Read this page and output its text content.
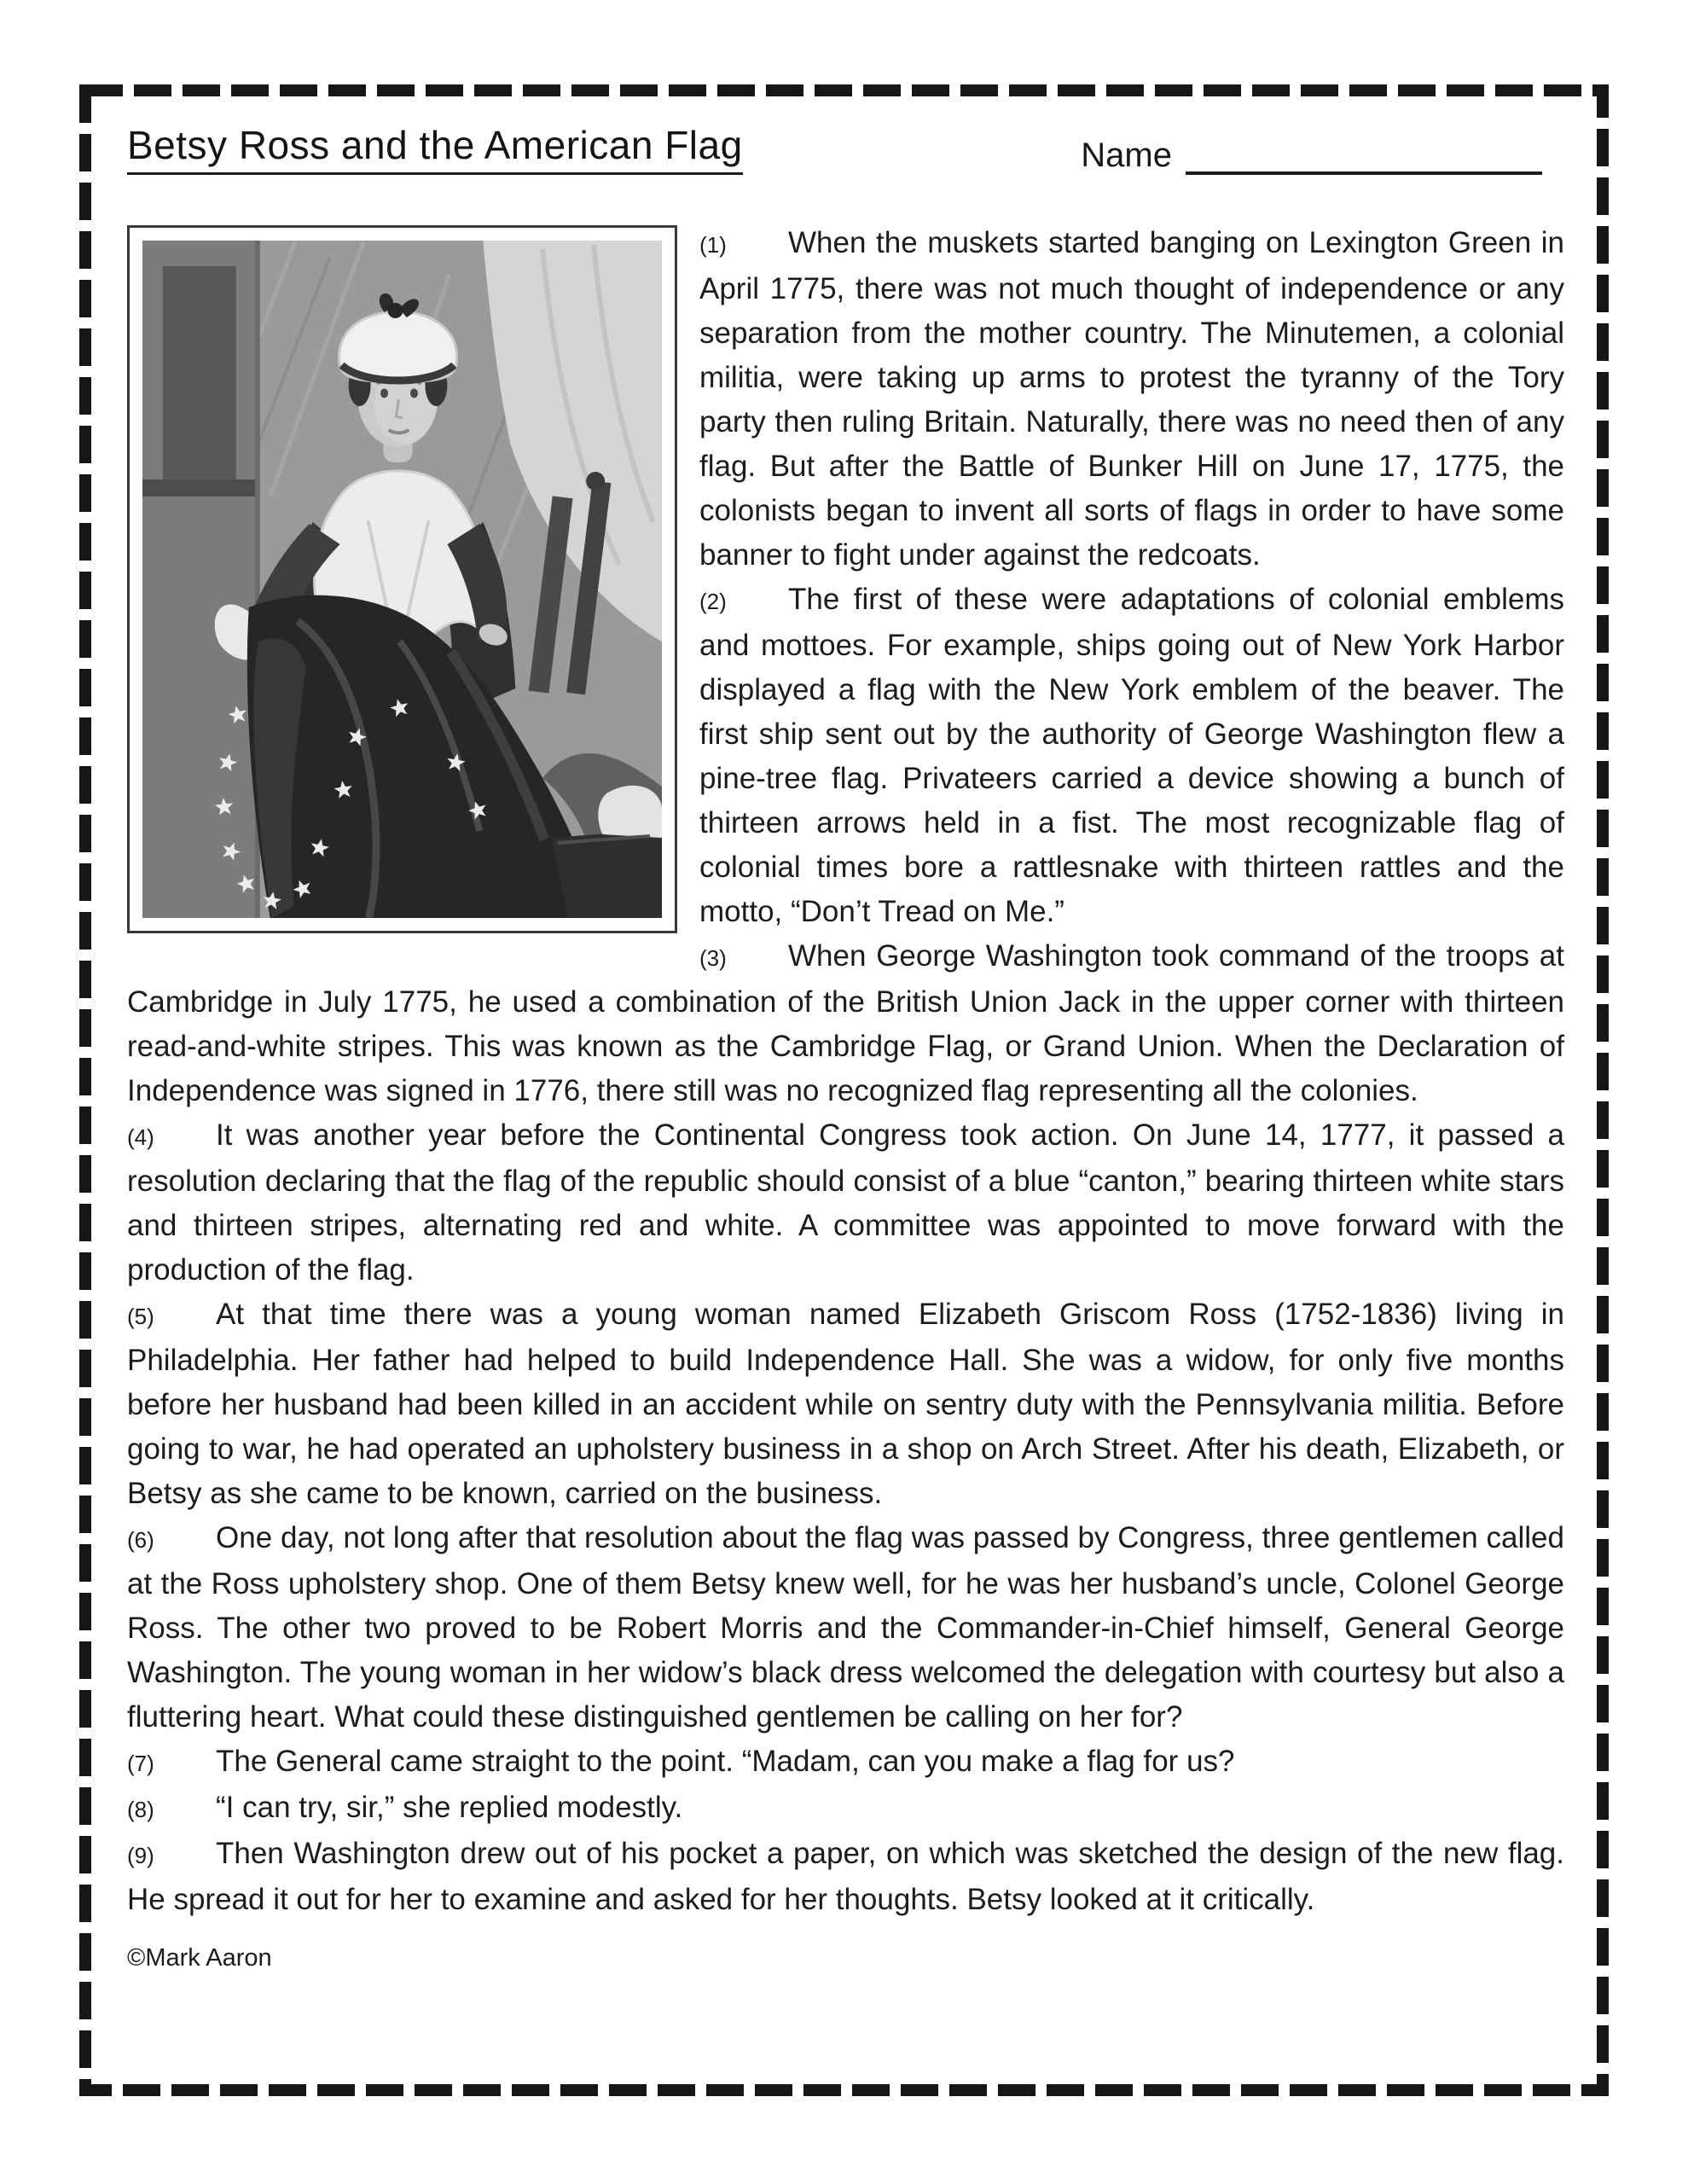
Betsy Ross and the American Flag	Name

(1) When the muskets started banging on Lexington Green in April 1775, there was not much thought of independence or any separation from the mother country. The Minutemen, a colonial militia, were taking up arms to protest the tyranny of the Tory party then ruling Britain. Naturally, there was no need then of any flag. But after the Battle of Bunker Hill on June 17, 1775, the colonists began to invent all sorts of flags in order to have some banner to fight under against the redcoats.

(2) The first of these were adaptations of colonial emblems and mottoes. For example, ships going out of New York Harbor displayed a flag with the New York emblem of the beaver. The first ship sent out by the authority of George Washington flew a pine-tree flag. Privateers carried a device showing a bunch of thirteen arrows held in a fist. The most recognizable flag of colonial times bore a rattlesnake with thirteen rattles and the motto, “Don’t Tread on Me.”

(3) When George Washington took command of the troops at Cambridge in July 1775, he used a combination of the British Union Jack in the upper corner with thirteen read-and-white stripes. This was known as the Cambridge Flag, or Grand Union. When the Declaration of Independence was signed in 1776, there still was no recognized flag representing all the colonies.

(4) It was another year before the Continental Congress took action. On June 14, 1777, it passed a resolution declaring that the flag of the republic should consist of a blue “canton,” bearing thirteen white stars and thirteen stripes, alternating red and white. A committee was appointed to move forward with the production of the flag.

(5) At that time there was a young woman named Elizabeth Griscom Ross (1752-1836) living in Philadelphia. Her father had helped to build Independence Hall. She was a widow, for only five months before her husband had been killed in an accident while on sentry duty with the Pennsylvania militia. Before going to war, he had operated an upholstery business in a shop on Arch Street. After his death, Elizabeth, or Betsy as she came to be known, carried on the business.

(6) One day, not long after that resolution about the flag was passed by Congress, three gentlemen called at the Ross upholstery shop. One of them Betsy knew well, for he was her husband’s uncle, Colonel George Ross. The other two proved to be Robert Morris and the Commander-in-Chief himself, General George Washington. The young woman in her widow’s black dress welcomed the delegation with courtesy but also a fluttering heart. What could these distinguished gentlemen be calling on her for?

(7) The General came straight to the point. “Madam, can you make a flag for us?

(8) “I can try, sir,” she replied modestly.

(9) Then Washington drew out of his pocket a paper, on which was sketched the design of the new flag. He spread it out for her to examine and asked for her thoughts. Betsy looked at it critically.

©Mark Aaron
